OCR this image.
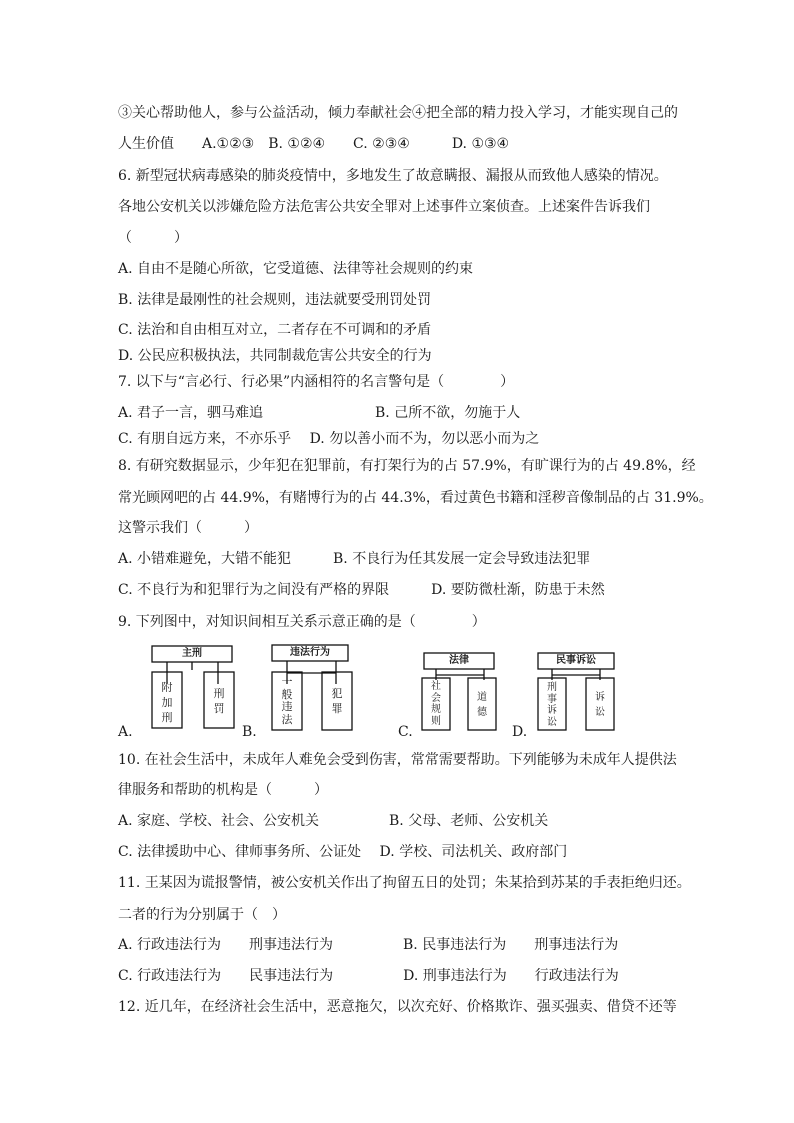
③关心帮助他人，参与公益活动，倾力奉献社会④把全部的精力投入学习，才能实现自己的
人生价值　　A.①②③　B. ①②④　　C. ②③④　　　D. ①③④
6. 新型冠状病毒感染的肺炎疫情中，多地发生了故意瞒报、漏报从而致他人感染的情况。
各地公安机关以涉嫌危险方法危害公共安全罪对上述事件立案侦查。上述案件告诉我们
（　　　）
A. 自由不是随心所欲，它受道德、法律等社会规则的约束
B. 法律是最刚性的社会规则，违法就要受刑罚处罚
C. 法治和自由相互对立，二者存在不可调和的矛盾
D. 公民应积极执法，共同制裁危害公共安全的行为
7. 以下与“言必行、行必果”内涵相符的名言警句是（　　　　）
A. 君子一言，驷马难追　　　　　　　　B. 己所不欲，勿施于人
C. 有朋自远方来，不亦乐乎　 D. 勿以善小而不为，勿以恶小而为之
8. 有研究数据显示，少年犯在犯罪前，有打架行为的占 57.9%，有旷课行为的占 49.8%，经
常光顾网吧的占 44.9%，有赌博行为的占 44.3%，看过黄色书籍和淫秽音像制品的占 31.9%。
这警示我们（　　　）
A. 小错难避免，大错不能犯　　　B. 不良行为任其发展一定会导致违法犯罪
C. 不良行为和犯罪行为之间没有严格的界限　　　D. 要防微杜渐，防患于未然
9. 下列图中，对知识间相互关系示意正确的是（　　　　）
主刑
附加刑
刑罚
违法行为
一般违法
犯罪
法律
社会规则
道德
民事诉讼
刑事诉讼
诉讼
A.	B.	C.	D.
10. 在社会生活中，未成年人难免会受到伤害，常常需要帮助。下列能够为未成年人提供法
律服务和帮助的机构是（　　　）
A. 家庭、学校、社会、公安机关　　　　　B. 父母、老师、公安机关
C. 法律援助中心、律师事务所、公证处　 D. 学校、司法机关、政府部门
11. 王某因为谎报警情，被公安机关作出了拘留五日的处罚；朱某拾到苏某的手表拒绝归还。
二者的行为分别属于（　）
A. 行政违法行为　　刑事违法行为　　　　　B. 民事违法行为　　刑事违法行为
C. 行政违法行为　　民事违法行为　　　　　D. 刑事违法行为　　行政违法行为
12. 近几年，在经济社会生活中，恶意拖欠，以次充好、价格欺诈、强买强卖、借贷不还等
